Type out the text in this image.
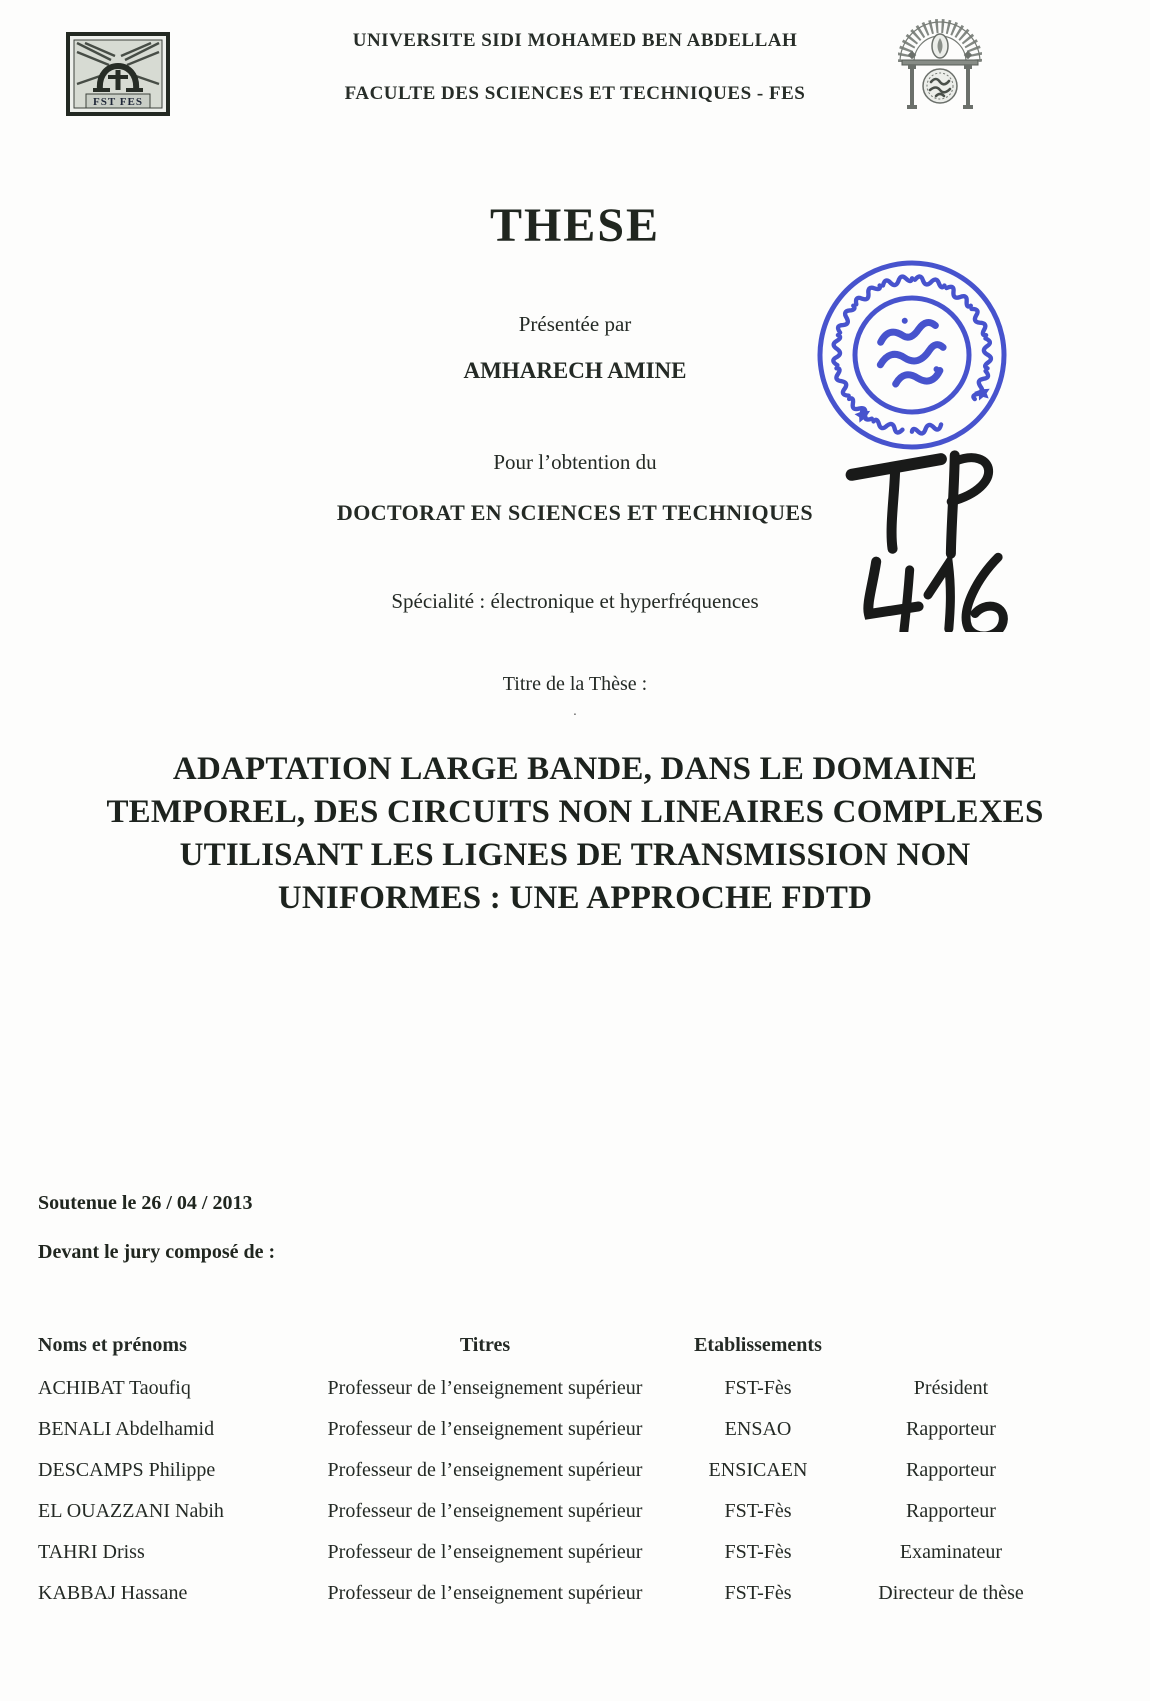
FST FES
UNIVERSITE SIDI MOHAMED BEN ABDELLAH
FACULTE DES SCIENCES ET TECHNIQUES - FES
THESE
Présentée par
AMHARECH AMINE
Pour l’obtention du
DOCTORAT EN SCIENCES ET TECHNIQUES
Spécialité : électronique et hyperfréquences
Titre de la Thèse :
·
ADAPTATION LARGE BANDE, DANS LE DOMAINE
TEMPOREL, DES CIRCUITS NON LINEAIRES COMPLEXES
UTILISANT LES LIGNES DE TRANSMISSION NON
UNIFORMES : UNE APPROCHE FDTD
Soutenue le 26 / 04 / 2013
Devant le jury composé de :
Noms et prénoms	Titres	Etablissements
ACHIBAT Taoufiq	Professeur de l’enseignement supérieur	FST-Fès	Président
BENALI Abdelhamid	Professeur de l’enseignement supérieur	ENSAO	Rapporteur
DESCAMPS Philippe	Professeur de l’enseignement supérieur	ENSICAEN	Rapporteur
EL OUAZZANI Nabih	Professeur de l’enseignement supérieur	FST-Fès	Rapporteur
TAHRI Driss	Professeur de l’enseignement supérieur	FST-Fès	Examinateur
KABBAJ Hassane	Professeur de l’enseignement supérieur	FST-Fès	Directeur de thèse
